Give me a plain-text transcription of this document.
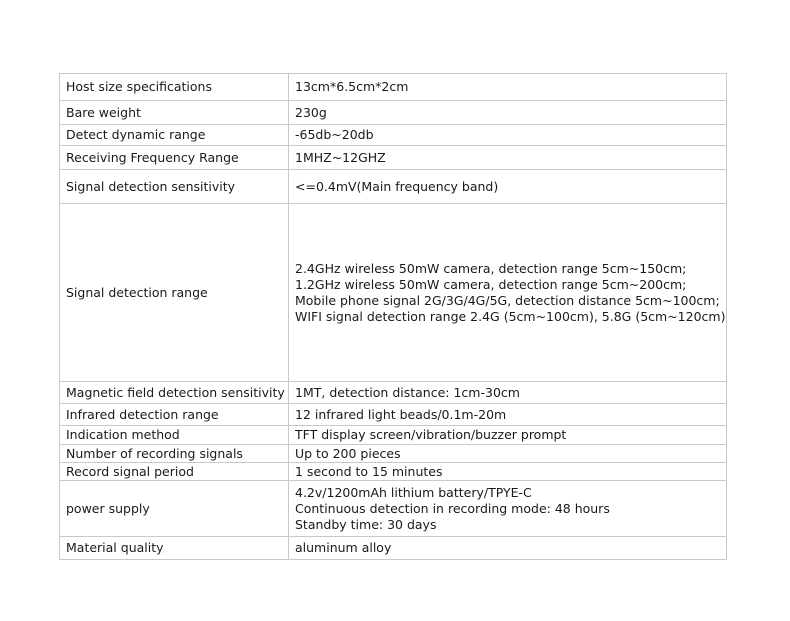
Host size specifications	13cm*6.5cm*2cm

Bare weight	230g

Detect dynamic range	-65db~20db

Receiving Frequency Range	1MHZ~12GHZ

Signal detection sensitivity	<=0.4mV(Main frequency band)

Signal detection range	2.4GHz wireless 50mW camera, detection range 5cm~150cm;
1.2GHz wireless 50mW camera, detection range 5cm~200cm;
Mobile phone signal 2G/3G/4G/5G, detection distance 5cm~100cm;
WIFI signal detection range 2.4G (5cm~100cm), 5.8G (5cm~120cm)

Magnetic field detection sensitivity	1MT, detection distance: 1cm-30cm

Infrared detection range	12 infrared light beads/0.1m-20m

Indication method	TFT display screen/vibration/buzzer prompt

Number of recording signals	Up to 200 pieces

Record signal period	1 second to 15 minutes

power supply	4.2v/1200mAh lithium battery/TPYE-C
Continuous detection in recording mode: 48 hours
Standby time: 30 days

Material quality	aluminum alloy
